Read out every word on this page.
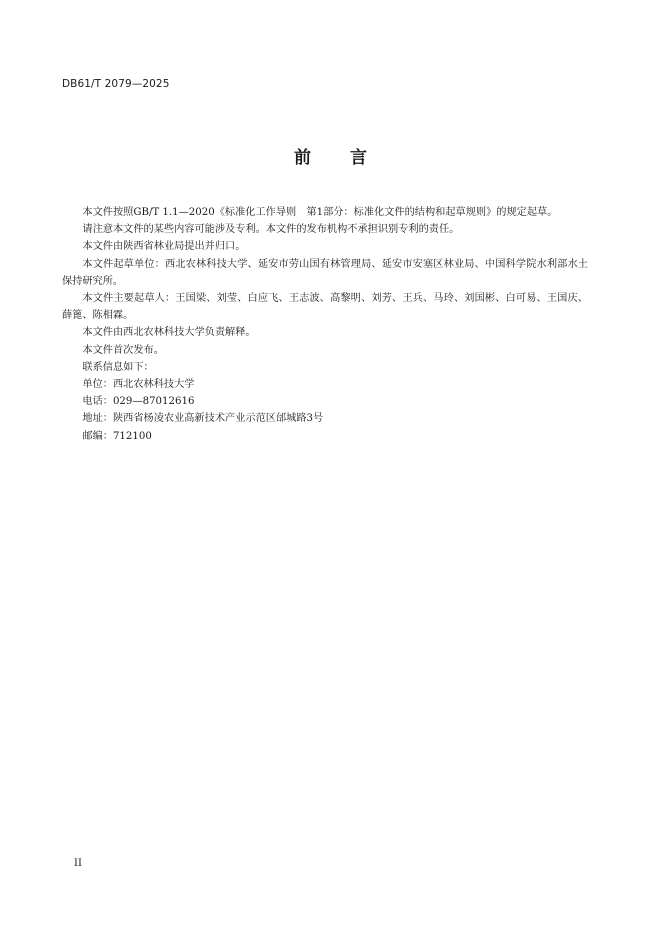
DB61/T 2079—2025
前 言

本文件按照GB/T 1.1—2020《标准化工作导则　第1部分：标准化文件的结构和起草规则》的规定起草。

请注意本文件的某些内容可能涉及专利。本文件的发布机构不承担识别专利的责任。

本文件由陕西省林业局提出并归口。

本文件起草单位：西北农林科技大学、延安市劳山国有林管理局、延安市安塞区林业局、中国科学院水利部水土保持研究所。

本文件主要起草人：王国梁、刘莹、白应飞、王志波、高黎明、刘芳、王兵、马玲、刘国彬、白可易、王国庆、薛篦、陈相霖。

本文件由西北农林科技大学负责解释。

本文件首次发布。

联系信息如下：

单位：西北农林科技大学

电话：029—87012616

地址：陕西省杨凌农业高新技术产业示范区邰城路3号

邮编：712100

II
